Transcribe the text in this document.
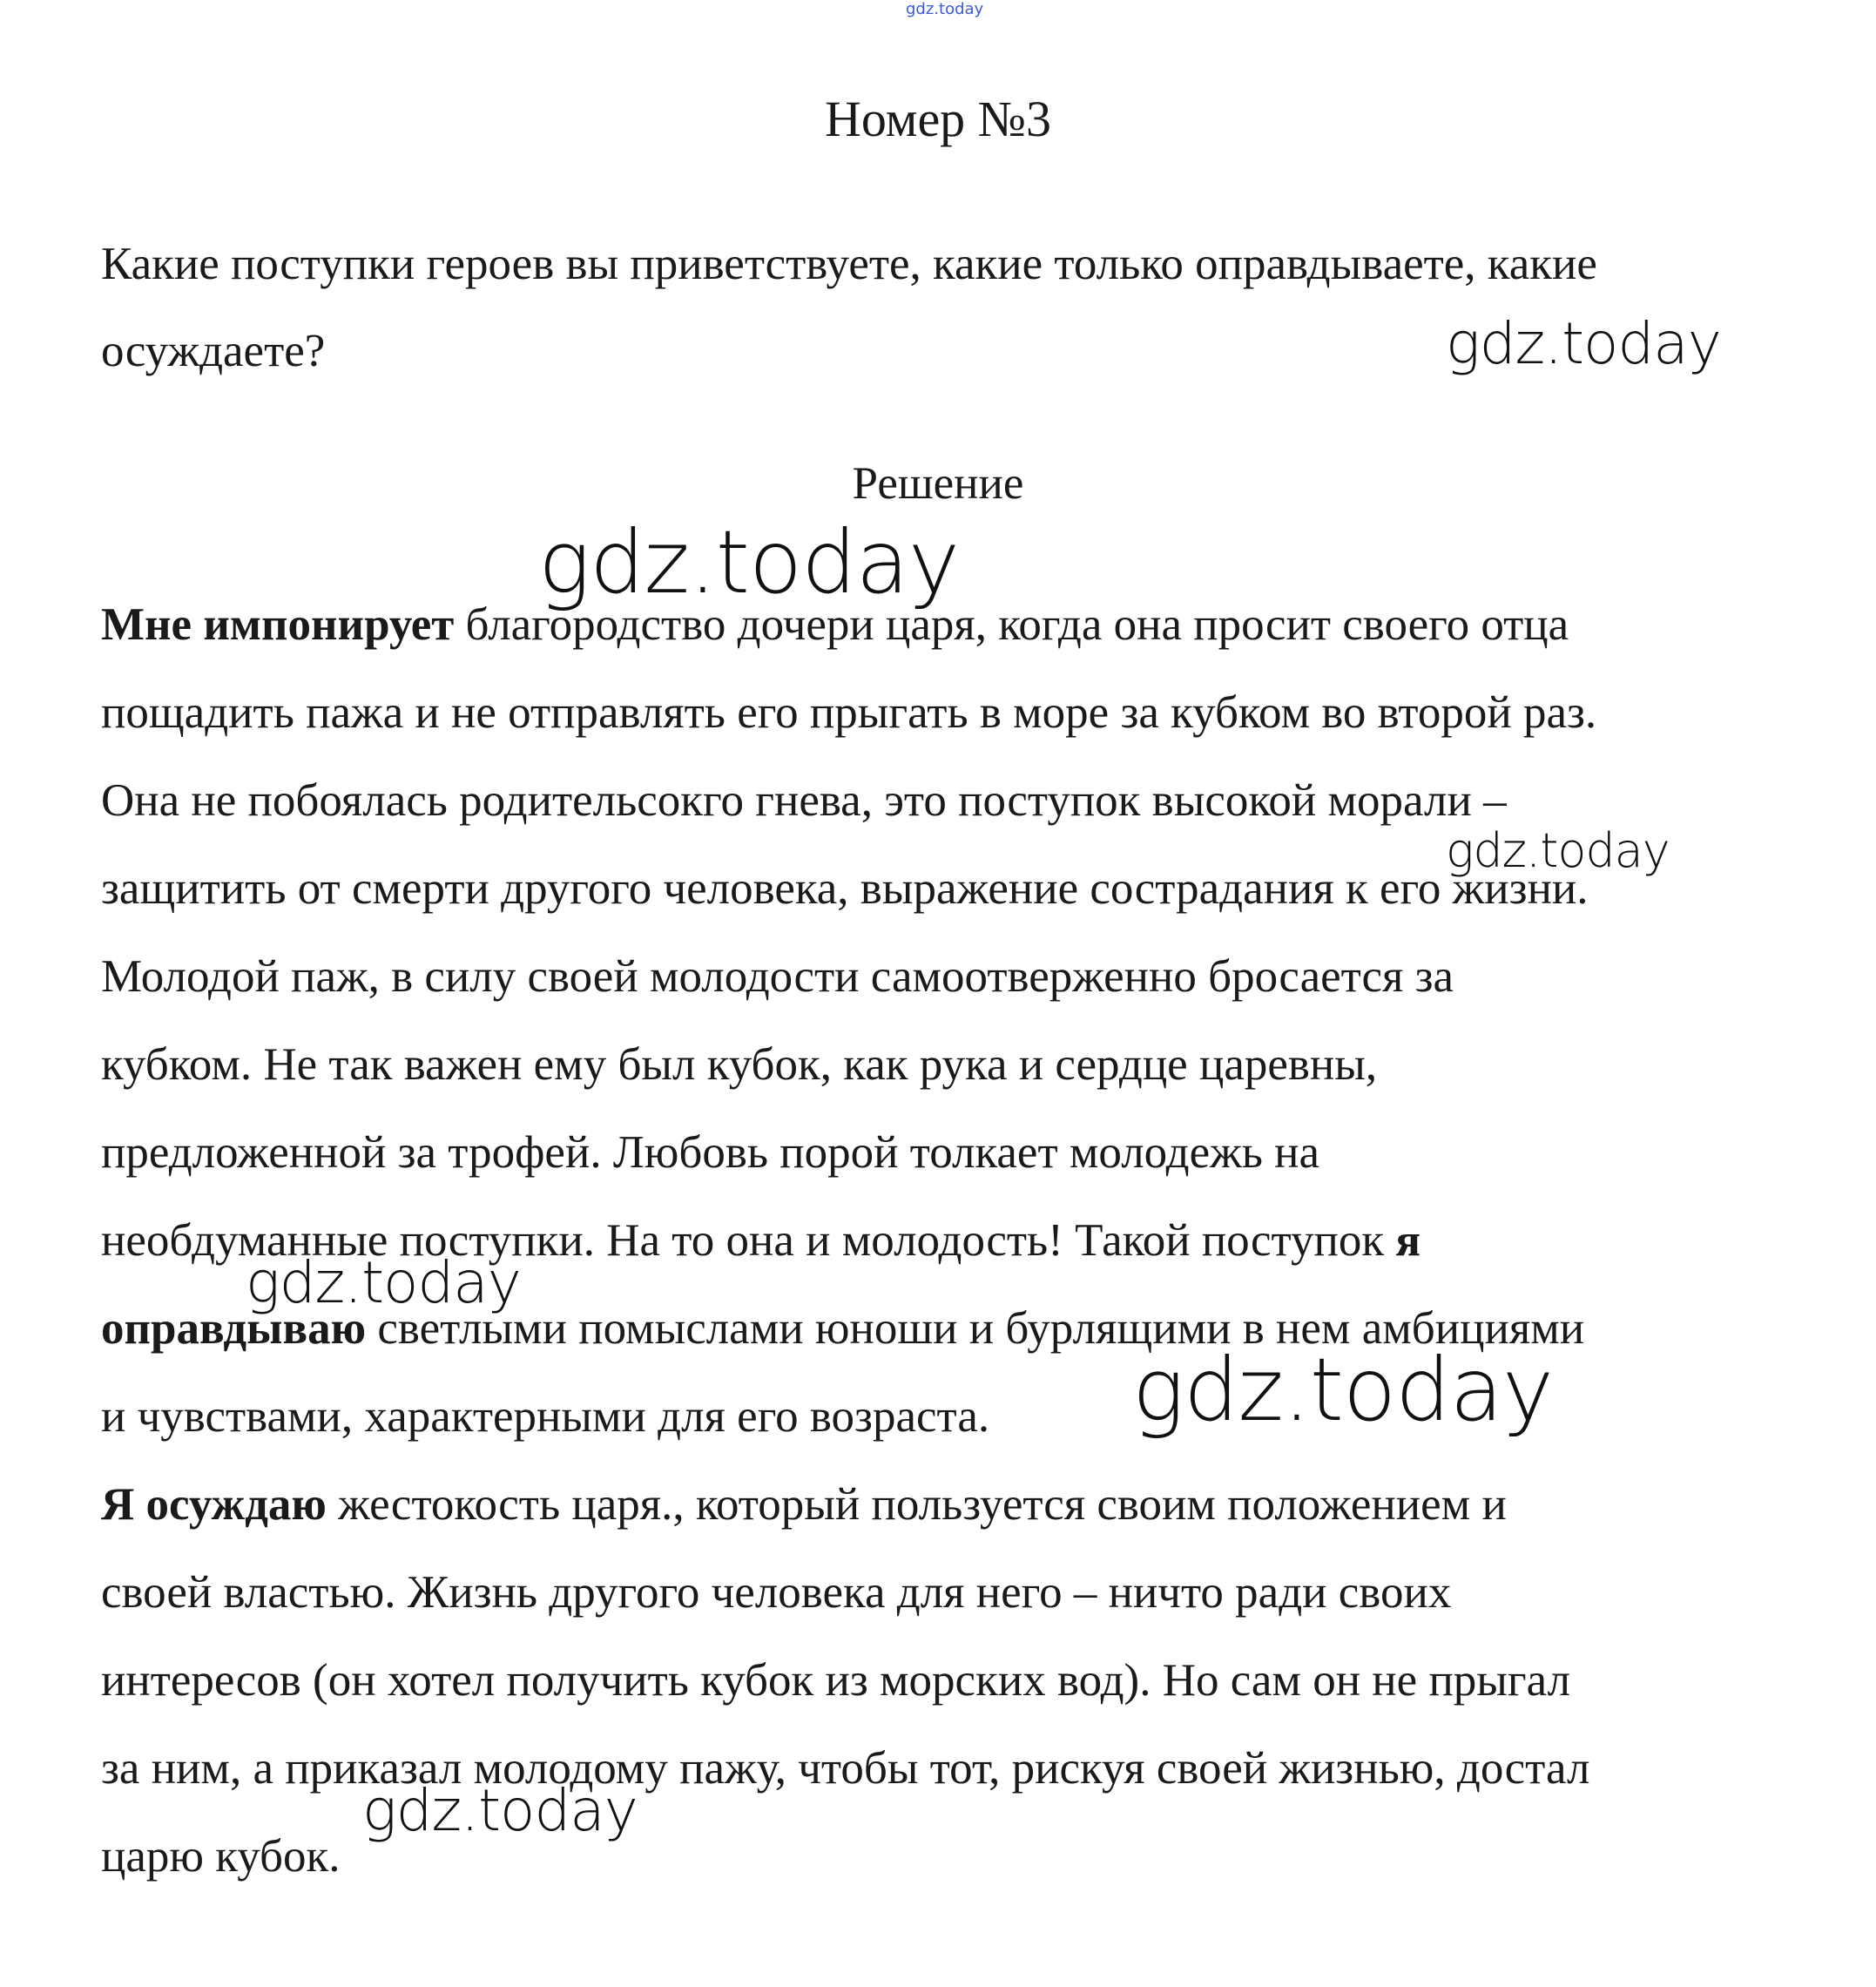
gdz.today
Номер №3
Какие поступки героев вы приветствуете, какие только оправдываете, какие
осуждаете?
Решение
Мне импонирует благородство дочери царя, когда она просит своего отца
пощадить пажа и не отправлять его прыгать в море за кубком во второй раз.
Она не побоялась родительсокго гнева, это поступок высокой морали –
защитить от смерти другого человека, выражение сострадания к его жизни.
Молодой паж, в силу своей молодости самоотверженно бросается за
кубком. Не так важен ему был кубок, как рука и сердце царевны,
предложенной за трофей. Любовь порой толкает молодежь на
необдуманные поступки. На то она и молодость! Такой поступок я
оправдываю светлыми помыслами юноши и бурлящими в нем амбициями
и чувствами, характерными для его возраста.
Я осуждаю жестокость царя., который пользуется своим положением и
своей властью. Жизнь другого человека для него – ничто ради своих
интересов (он хотел получить кубок из морских вод). Но сам он не прыгал
за ним, а приказал молодому пажу, чтобы тот, рискуя своей жизнью, достал
царю кубок.
gdz.today
gdz.today
gdz.today
gdz.today
gdz.today
gdz.today
